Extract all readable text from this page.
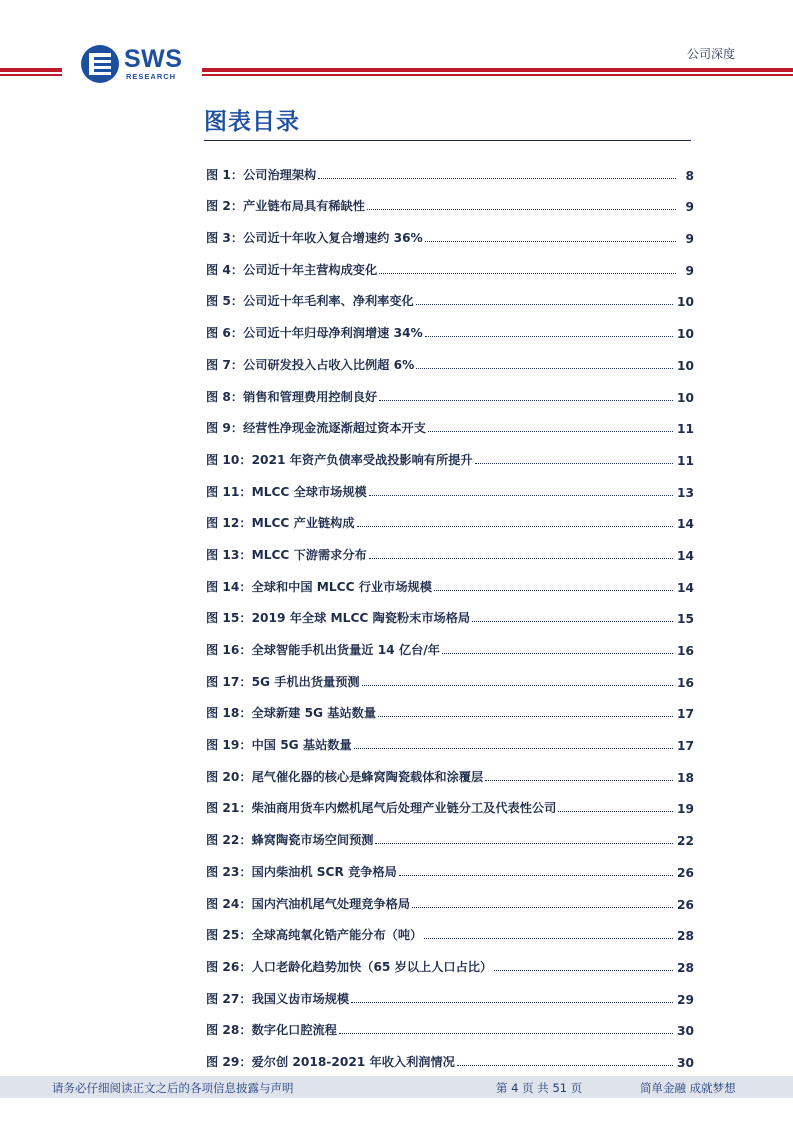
SWS
RESEARCH
公司深度
图表目录
图 1：公司治理架构	8
图 2：产业链布局具有稀缺性	9
图 3：公司近十年收入复合增速约 36%	9
图 4：公司近十年主营构成变化	9
图 5：公司近十年毛利率、净利率变化	10
图 6：公司近十年归母净利润增速 34%	10
图 7：公司研发投入占收入比例超 6%	10
图 8：销售和管理费用控制良好	10
图 9：经营性净现金流逐渐超过资本开支	11
图 10：2021 年资产负债率受战投影响有所提升	11
图 11：MLCC 全球市场规模	13
图 12：MLCC 产业链构成	14
图 13：MLCC 下游需求分布	14
图 14：全球和中国 MLCC 行业市场规模	14
图 15：2019 年全球 MLCC 陶瓷粉末市场格局	15
图 16：全球智能手机出货量近 14 亿台/年	16
图 17：5G 手机出货量预测	16
图 18：全球新建 5G 基站数量	17
图 19：中国 5G 基站数量	17
图 20：尾气催化器的核心是蜂窝陶瓷载体和涂覆层	18
图 21：柴油商用货车内燃机尾气后处理产业链分工及代表性公司	19
图 22：蜂窝陶瓷市场空间预测	22
图 23：国内柴油机 SCR 竞争格局	26
图 24：国内汽油机尾气处理竞争格局	26
图 25：全球高纯氧化锆产能分布（吨）	28
图 26：人口老龄化趋势加快（65 岁以上人口占比）	28
图 27：我国义齿市场规模	29
图 28：数字化口腔流程	30
图 29：爱尔创 2018-2021 年收入利润情况	30
请务必仔细阅读正文之后的各项信息披露与声明	第 4 页 共 51 页	简单金融 成就梦想
